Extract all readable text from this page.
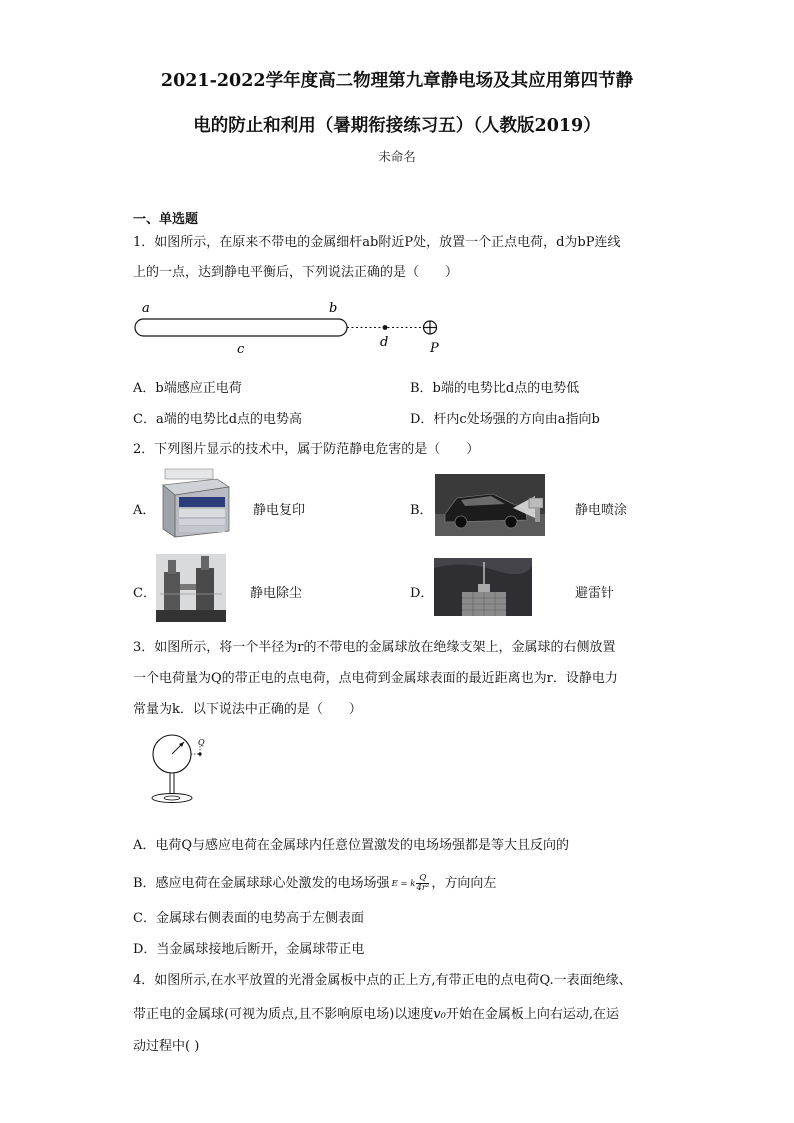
2021-2022学年度高二物理第九章静电场及其应用第四节静
电的防止和利用（暑期衔接练习五）（人教版2019）
未命名
一、单选题
1．如图所示，在原来不带电的金属细杆ab附近P处，放置一个正点电荷，d为bP连线
上的一点，达到静电平衡后，下列说法正确的是（　　）
a	b
c	d	P
A．b端感应正电荷	B．b端的电势比d点的电势低
C．a端的电势比d点的电势高	D．杆内c处场强的方向由a指向b
2．下列图片显示的技术中，属于防范静电危害的是（　　）
A．	静电复印	B．	静电喷涂
C．	静电除尘	D．	避雷针
3．如图所示，将一个半径为r的不带电的金属球放在绝缘支架上，金属球的右侧放置
一个电荷量为Q的带正电的点电荷，点电荷到金属球表面的最近距离也为r．设静电力
常量为k．以下说法中正确的是（　　）
Q
A．电荷Q与感应电荷在金属球内任意位置激发的电场场强都是等大且反向的
B．感应电荷在金属球球心处激发的电场场强 E = k $\frac{Q}{\text{4r²}}$ ，方向向左
C．金属球右侧表面的电势高于左侧表面
D．当金属球接地后断开，金属球带正电
4．如图所示,在水平放置的光滑金属板中点的正上方,有带正电的点电荷Q.一表面绝缘、
带正电的金属球(可视为质点,且不影响原电场)以速度v₀开始在金属板上向右运动,在运
动过程中( )
